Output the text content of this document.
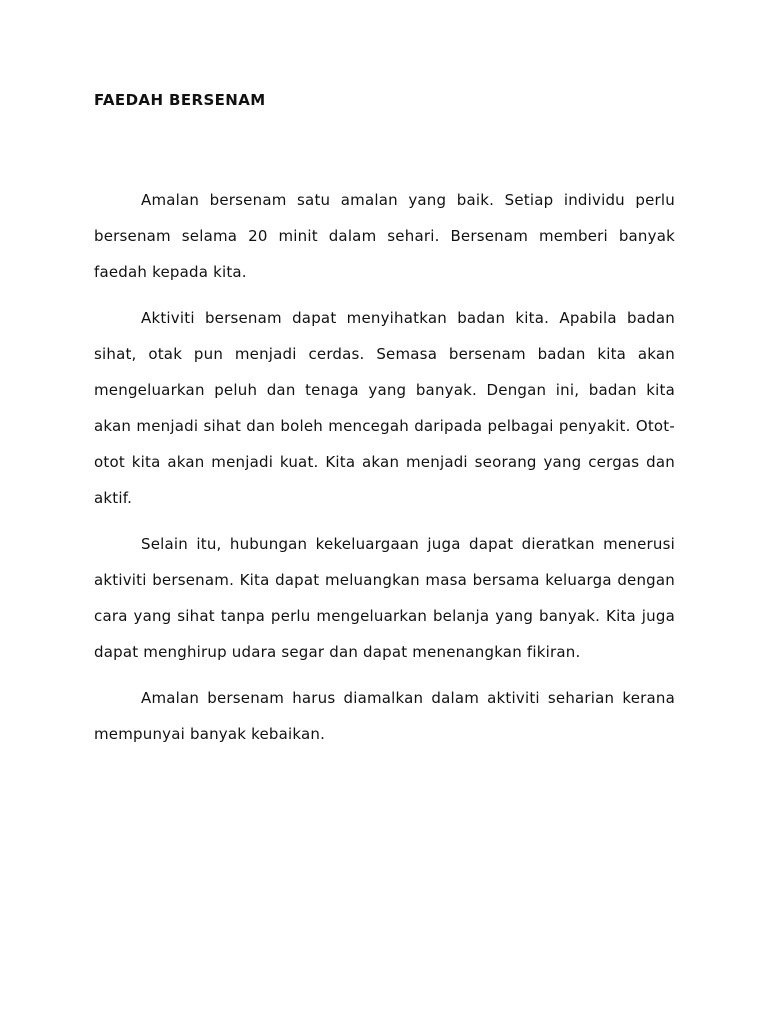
FAEDAH BERSENAM

Amalan bersenam satu amalan yang baik. Setiap individu perlu bersenam selama 20 minit dalam sehari. Bersenam memberi banyak faedah kepada kita.

Aktiviti bersenam dapat menyihatkan badan kita. Apabila badan sihat, otak pun menjadi cerdas. Semasa bersenam badan kita akan mengeluarkan peluh dan tenaga yang banyak. Dengan ini, badan kita akan menjadi sihat dan boleh mencegah daripada pelbagai penyakit. Otot-otot kita akan menjadi kuat. Kita akan menjadi seorang yang cergas dan aktif.

Selain itu, hubungan kekeluargaan juga dapat dieratkan menerusi aktiviti bersenam. Kita dapat meluangkan masa bersama keluarga dengan cara yang sihat tanpa perlu mengeluarkan belanja yang banyak. Kita juga dapat menghirup udara segar dan dapat menenangkan fikiran.

Amalan bersenam harus diamalkan dalam aktiviti seharian kerana mempunyai banyak kebaikan.
